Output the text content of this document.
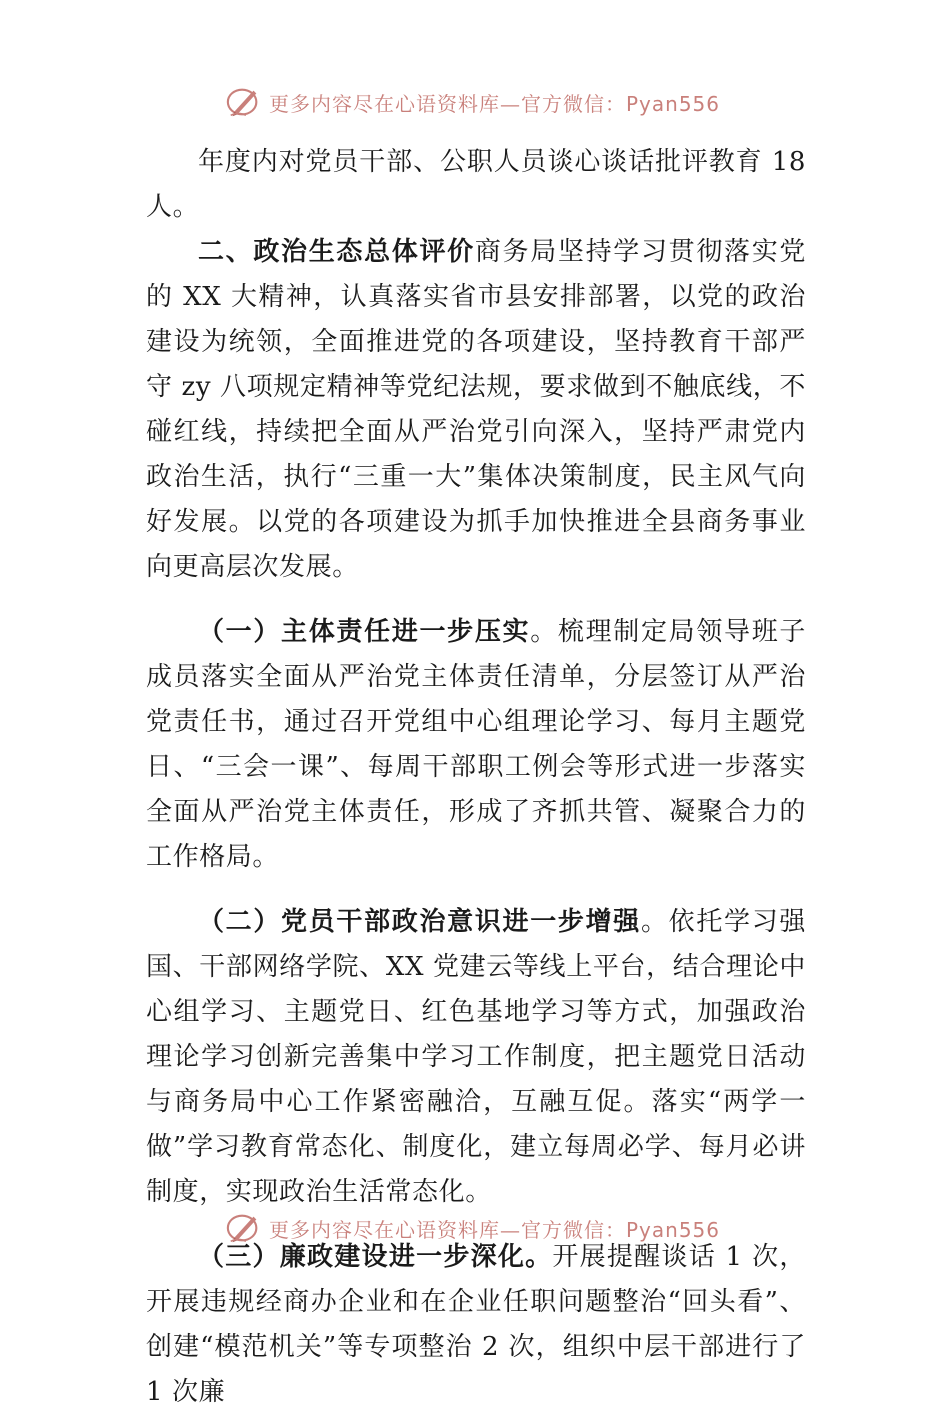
更多内容尽在心语资料库—官方微信：Pyan556

年度内对党员干部、公职人员谈心谈话批评教育 18 人。

二、政治生态总体评价商务局坚持学习贯彻落实党的 XX 大精神，认真落实省市县安排部署，以党的政治建设为统领，全面推进党的各项建设，坚持教育干部严守 zy 八项规定精神等党纪法规，要求做到不触底线，不碰红线，持续把全面从严治党引向深入，坚持严肃党内政治生活，执行“三重一大”集体决策制度，民主风气向好发展。以党的各项建设为抓手加快推进全县商务事业向更高层次发展。

（一）主体责任进一步压实。梳理制定局领导班子成员落实全面从严治党主体责任清单，分层签订从严治党责任书，通过召开党组中心组理论学习、每月主题党日、“三会一课”、每周干部职工例会等形式进一步落实全面从严治党主体责任，形成了齐抓共管、凝聚合力的工作格局。

（二）党员干部政治意识进一步增强。依托学习强国、干部网络学院、XX 党建云等线上平台，结合理论中心组学习、主题党日、红色基地学习等方式，加强政治理论学习创新完善集中学习工作制度，把主题党日活动与商务局中心工作紧密融洽，互融互促。落实“两学一做”学习教育常态化、制度化，建立每周必学、每月必讲制度，实现政治生活常态化。

（三）廉政建设进一步深化。开展提醒谈话 1 次，开展违规经商办企业和在企业任职问题整治“回头看”、创建“模范机关”等专项整治 2 次，组织中层干部进行了 1 次廉

更多内容尽在心语资料库—官方微信：Pyan556
